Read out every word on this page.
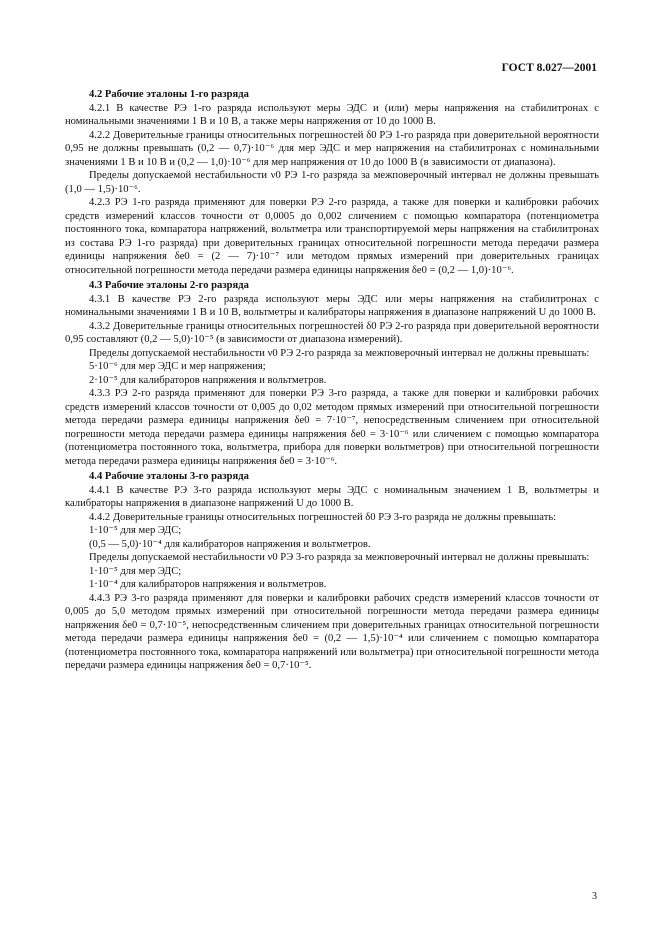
ГОСТ 8.027—2001
4.2 Рабочие эталоны 1-го разряда

4.2.1 В качестве РЭ 1-го разряда используют меры ЭДС и (или) меры напряжения на стабилитронах с номинальными значениями 1 В и 10 В, а также меры напряжения от 10 до 1000 В.

4.2.2 Доверительные границы относительных погрешностей δ0 РЭ 1-го разряда при доверительной вероятности 0,95 не должны превышать (0,2 — 0,7)·10⁻⁶ для мер ЭДС и мер напряжения на стабилитронах с номинальными значениями 1 В и 10 В и (0,2 — 1,0)·10⁻⁶ для мер напряжения от 10 до 1000 В (в зависимости от диапазона).

Пределы допускаемой нестабильности ν0 РЭ 1-го разряда за межповерочный интервал не должны превышать (1,0 — 1,5)·10⁻⁶.

4.2.3 РЭ 1-го разряда применяют для поверки РЭ 2-го разряда, а также для поверки и калибровки рабочих средств измерений классов точности от 0,0005 до 0,002 сличением с помощью компаратора (потенциометра постоянного тока, компаратора напряжений, вольтметра или транспортируемой меры напряжения на стабилитронах из состава РЭ 1-го разряда) при доверительных границах относительной погрешности метода передачи размера единицы напряжения δе0 = (2 — 7)·10⁻⁷ или методом прямых измерений при доверительных границах относительной погрешности метода передачи размера единицы напряжения δе0 = (0,2 — 1,0)·10⁻⁶.

4.3 Рабочие эталоны 2-го разряда

4.3.1 В качестве РЭ 2-го разряда используют меры ЭДС или меры напряжения на стабилитронах с номинальными значениями 1 В и 10 В, вольтметры и калибраторы напряжения в диапазоне напряжений U до 1000 В.

4.3.2 Доверительные границы относительных погрешностей δ0 РЭ 2-го разряда при доверительной вероятности 0,95 составляют (0,2 — 5,0)·10⁻⁵ (в зависимости от диапазона измерений).

Пределы допускаемой нестабильности ν0 РЭ 2-го разряда за межповерочный интервал не должны превышать:

5·10⁻⁶ для мер ЭДС и мер напряжения;

2·10⁻⁵ для калибраторов напряжения и вольтметров.

4.3.3 РЭ 2-го разряда применяют для поверки РЭ 3-го разряда, а также для поверки и калибровки рабочих средств измерений классов точности от 0,005 до 0,02 методом прямых измерений при относительной погрешности метода передачи размера единицы напряжения δе0 = 7·10⁻⁷, непосредственным сличением при относительной погрешности метода передачи размера единицы напряжения δе0 = 3·10⁻⁶ или сличением с помощью компаратора (потенциометра постоянного тока, вольтметра, прибора для поверки вольтметров) при относительной погрешности метода передачи размера единицы напряжения δе0 = 3·10⁻⁶.

4.4 Рабочие эталоны 3-го разряда

4.4.1 В качестве РЭ 3-го разряда используют меры ЭДС с номинальным значением 1 В, вольтметры и калибраторы напряжения в диапазоне напряжений U до 1000 В.

4.4.2 Доверительные границы относительных погрешностей δ0 РЭ 3-го разряда не должны превышать:

1·10⁻⁵ для мер ЭДС;

(0,5 — 5,0)·10⁻⁴ для калибраторов напряжения и вольтметров.

Пределы допускаемой нестабильности ν0 РЭ 3-го разряда за межповерочный интервал не должны превышать:

1·10⁻⁵ для мер ЭДС;

1·10⁻⁴ для калибраторов напряжения и вольтметров.

4.4.3 РЭ 3-го разряда применяют для поверки и калибровки рабочих средств измерений классов точности от 0,005 до 5,0 методом прямых измерений при относительной погрешности метода передачи размера единицы напряжения δе0 = 0,7·10⁻⁵, непосредственным сличением при доверительных границах относительной погрешности метода передачи размера единицы напряжения δе0 = (0,2 — 1,5)·10⁻⁴ или сличением с помощью компаратора (потенциометра постоянного тока, компаратора напряжений или вольтметра) при относительной погрешности метода передачи размера единицы напряжения δе0 = 0,7·10⁻⁵.

3
